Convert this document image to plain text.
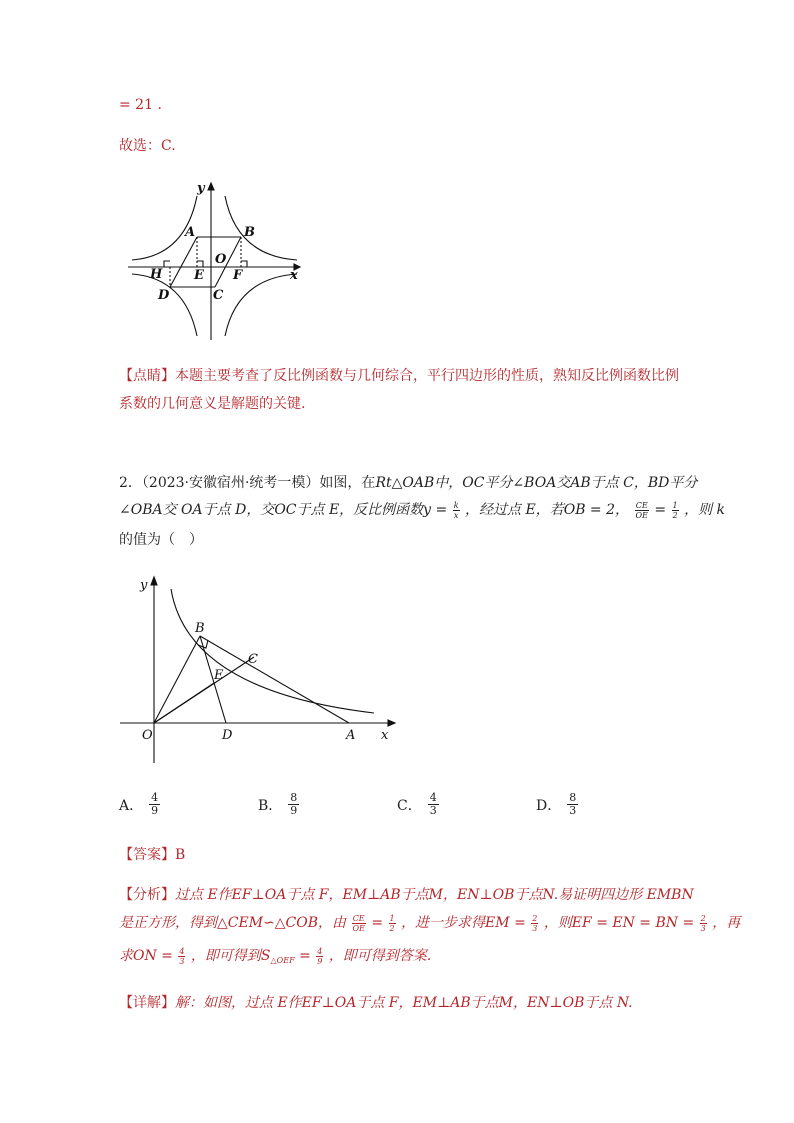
= 21 .
故选：C.
y
x
A	B
O
H E F
D	C
【点睛】本题主要考查了反比例函数与几何综合，平行四边形的性质，熟知反比例函数比例
系数的几何意义是解题的关键.
2．（2023·安徽宿州·统考一模）如图，在Rt△OAB中，OC平分∠BOA交AB于点 C，BD平分
∠OBA交 OA于点 D，交OC于点 E，反比例函数$y = \frac{k}{x}$ ，经过点 E，若OB = 2， $\frac{CE}{OE} = \frac{1}{2}$ ，则 k
的值为（　）
y
x
B
C
E
O	D	A
A． $\frac{4}{9}$	B． $\frac{8}{9}$	C． $\frac{4}{3}$	D． $\frac{8}{3}$
【答案】B
【分析】过点 E作EF⊥OA于点 F，EM⊥AB于点M，EN⊥OB于点N.易证明四边形 EMBN
是正方形，得到△CEM∽△COB，由 $\frac{CE}{OE} = \frac{1}{2}$ ，进一步求得EM = $\frac{2}{3}$ ，则EF = EN = BN = $\frac{2}{3}$ ，再
求ON = $\frac{4}{3}$ ，即可得到$S_{\triangle OEF} = \frac{4}{9}$ ，即可得到答案.
【详解】解：如图，过点 E作EF⊥OA于点 F，EM⊥AB于点M，EN⊥OB于点 N.
